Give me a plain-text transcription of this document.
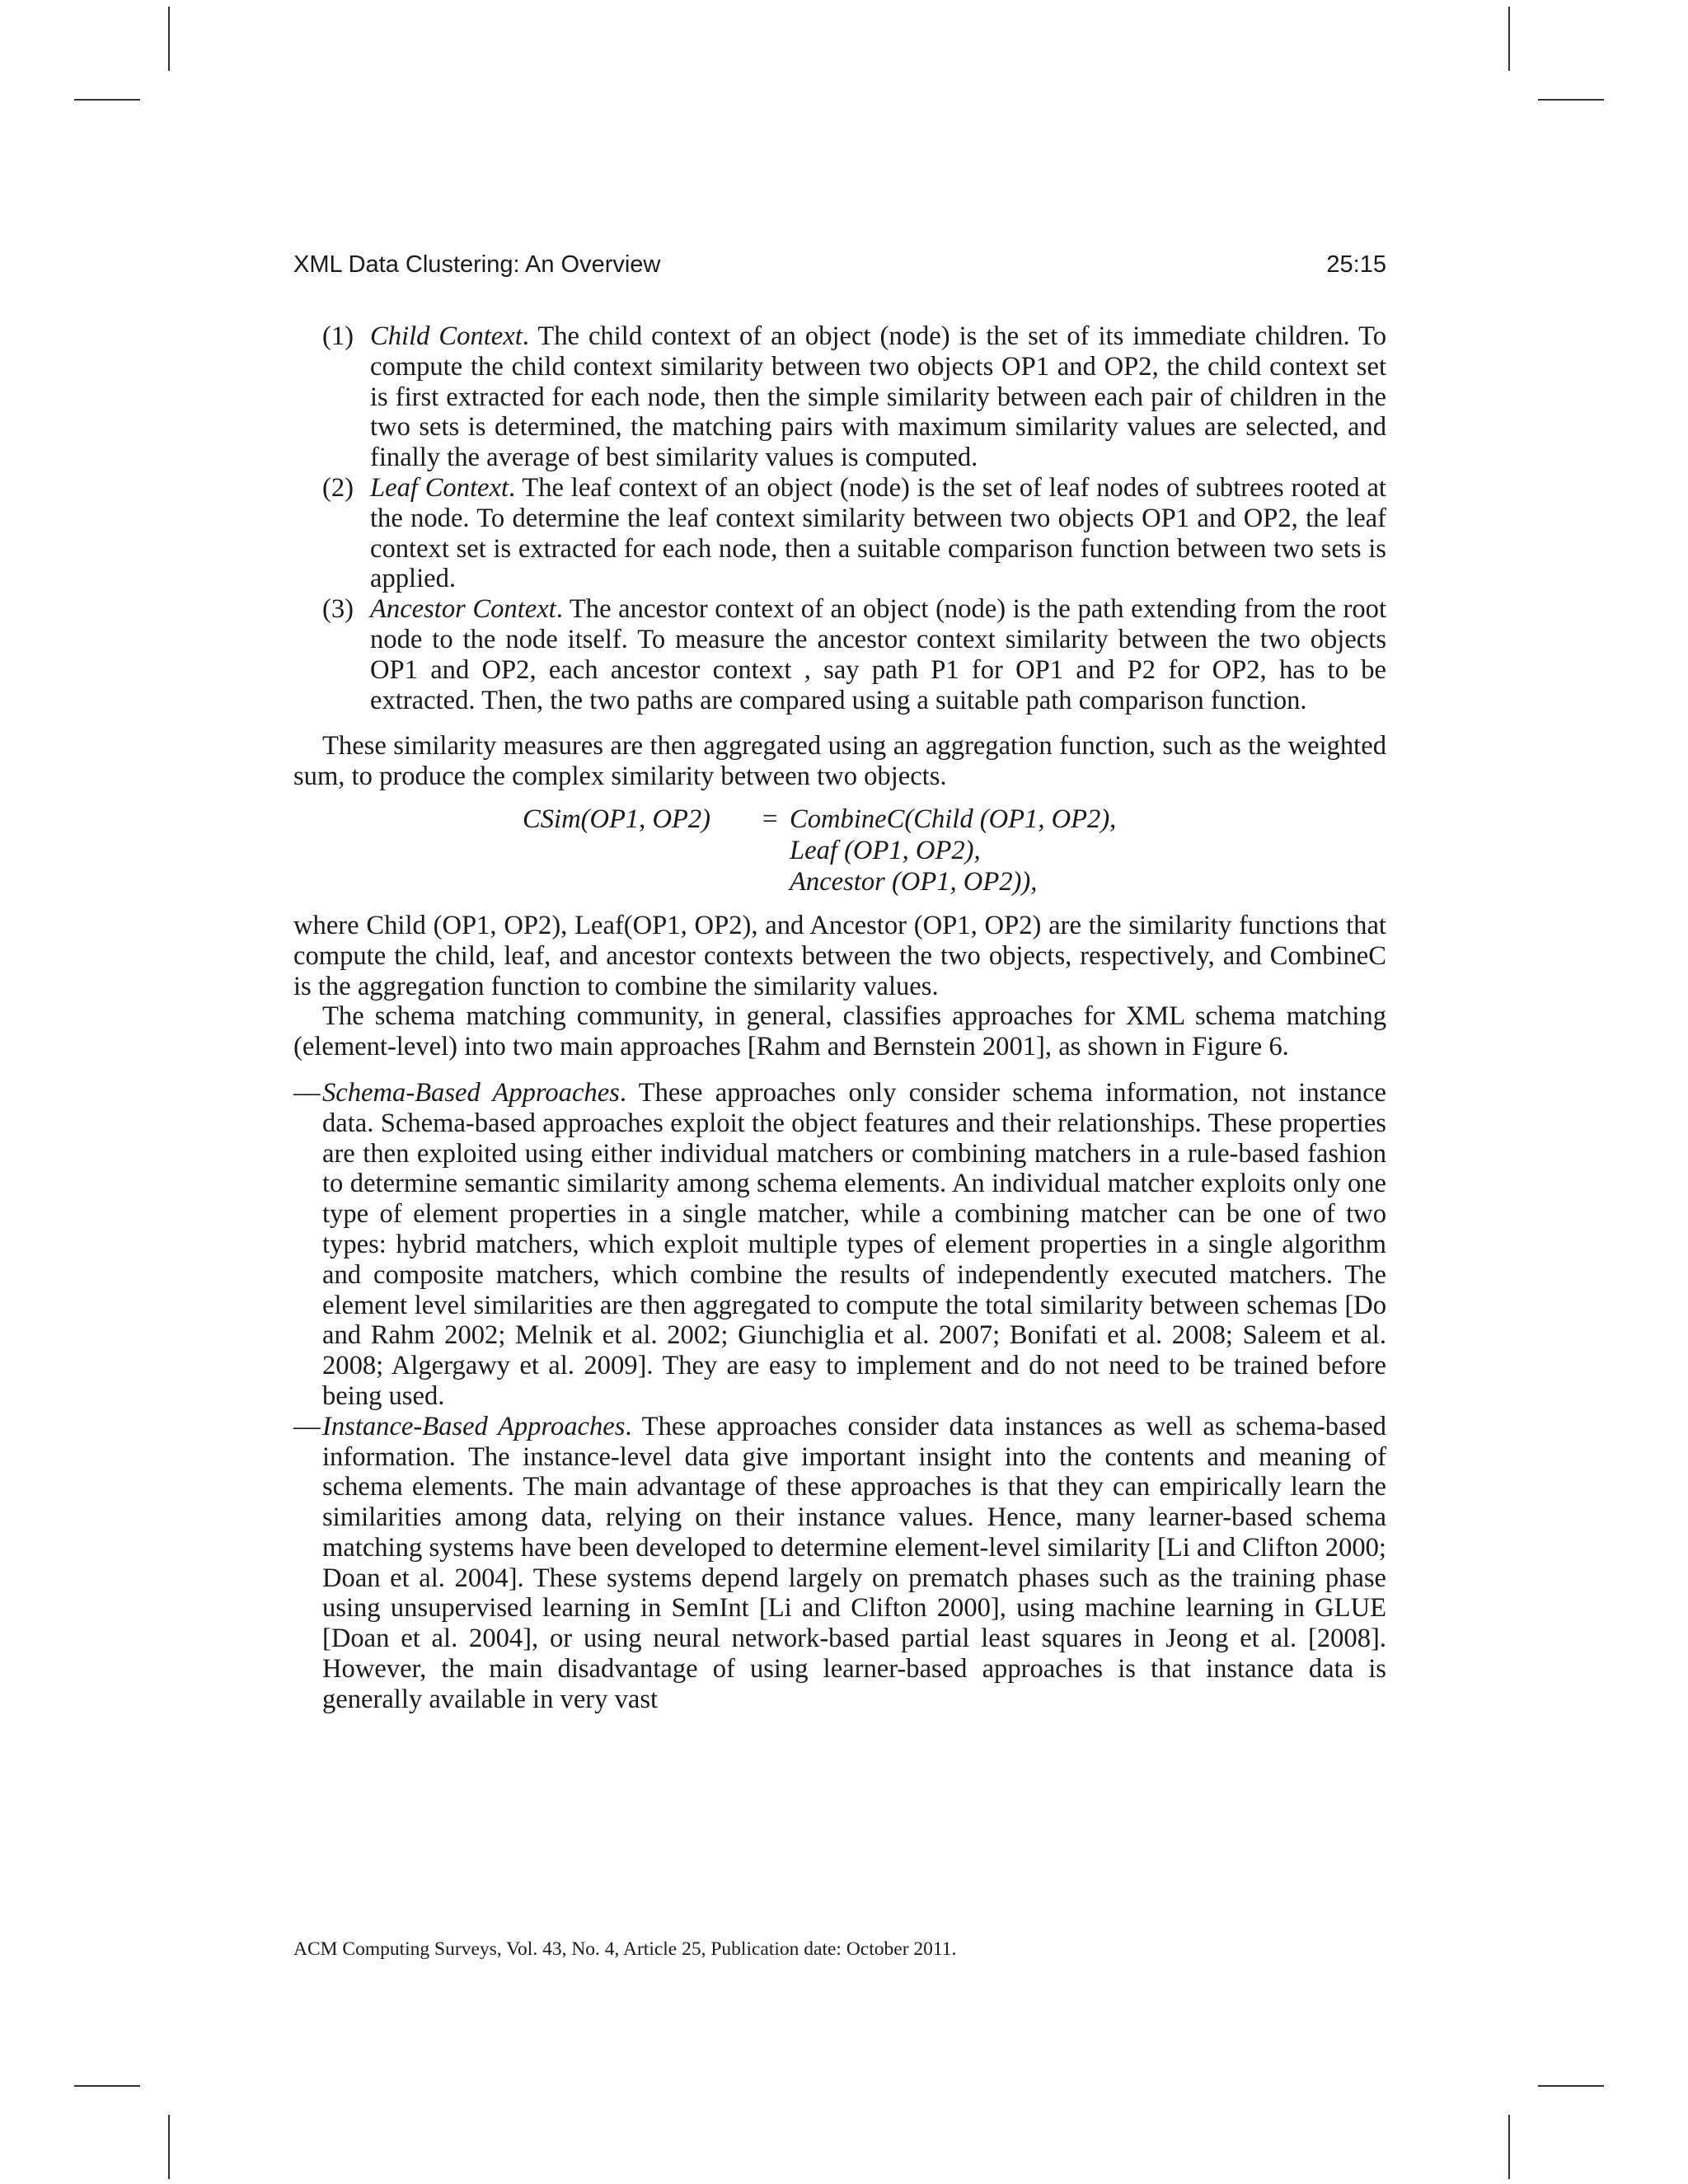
XML Data Clustering: An Overview	25:15
(1) Child Context. The child context of an object (node) is the set of its immediate children. To compute the child context similarity between two objects OP1 and OP2, the child context set is first extracted for each node, then the simple similarity between each pair of children in the two sets is determined, the matching pairs with maximum similarity values are selected, and finally the average of best similarity values is computed.
(2) Leaf Context. The leaf context of an object (node) is the set of leaf nodes of subtrees rooted at the node. To determine the leaf context similarity between two objects OP1 and OP2, the leaf context set is extracted for each node, then a suitable comparison function between two sets is applied.
(3) Ancestor Context. The ancestor context of an object (node) is the path extending from the root node to the node itself. To measure the ancestor context similarity between the two objects OP1 and OP2, each ancestor context , say path P1 for OP1 and P2 for OP2, has to be extracted. Then, the two paths are compared using a suitable path comparison function.

These similarity measures are then aggregated using an aggregation function, such as the weighted sum, to produce the complex similarity between two objects.

CSim(OP1, OP2) = CombineC(Child (OP1, OP2),
Leaf (OP1, OP2),
Ancestor (OP1, OP2)),

where Child (OP1, OP2), Leaf(OP1, OP2), and Ancestor (OP1, OP2) are the similarity functions that compute the child, leaf, and ancestor contexts between the two objects, respectively, and CombineC is the aggregation function to combine the similarity values.

The schema matching community, in general, classifies approaches for XML schema matching (element-level) into two main approaches [Rahm and Bernstein 2001], as shown in Figure 6.

— Schema-Based Approaches. These approaches only consider schema information, not instance data. Schema-based approaches exploit the object features and their relationships. These properties are then exploited using either individual matchers or combining matchers in a rule-based fashion to determine semantic similarity among schema elements. An individual matcher exploits only one type of element properties in a single matcher, while a combining matcher can be one of two types: hybrid matchers, which exploit multiple types of element properties in a single algorithm and composite matchers, which combine the results of independently executed matchers. The element level similarities are then aggregated to compute the total similarity between schemas [Do and Rahm 2002; Melnik et al. 2002; Giunchiglia et al. 2007; Bonifati et al. 2008; Saleem et al. 2008; Algergawy et al. 2009]. They are easy to implement and do not need to be trained before being used.
— Instance-Based Approaches. These approaches consider data instances as well as schema-based information. The instance-level data give important insight into the contents and meaning of schema elements. The main advantage of these approaches is that they can empirically learn the similarities among data, relying on their instance values. Hence, many learner-based schema matching systems have been developed to determine element-level similarity [Li and Clifton 2000; Doan et al. 2004]. These systems depend largely on prematch phases such as the training phase using unsupervised learning in SemInt [Li and Clifton 2000], using machine learning in GLUE [Doan et al. 2004], or using neural network-based partial least squares in Jeong et al. [2008]. However, the main disadvantage of using learner-based approaches is that instance data is generally available in very vast
ACM Computing Surveys, Vol. 43, No. 4, Article 25, Publication date: October 2011.
